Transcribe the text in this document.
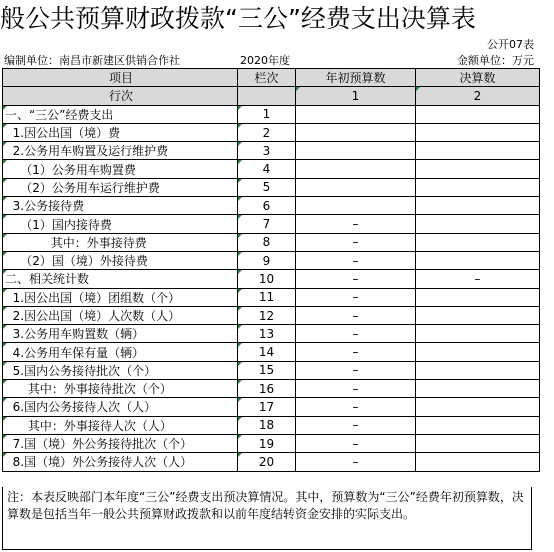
般公共预算财政拨款“三公”经费支出决算表
公开07表
编制单位：南昌市新建区供销合作社	2020年度	金额单位：万元
项目	栏次	年初预算数	决算数
行次		1	2
一、“三公”经费支出	1		
1.因公出国（境）费	2		
2.公务用车购置及运行维护费	3		
（1）公务用车购置费	4		
（2）公务用车运行维护费	5		
3.公务接待费	6		
（1）国内接待费	7	–	
其中：外事接待费	8	–	
（2）国（境）外接待费	9	–	
二、相关统计数	10	–	–
1.因公出国（境）团组数（个）	11	–	
2.因公出国（境）人次数（人）	12	–	
3.公务用车购置数（辆）	13	–	
4.公务用车保有量（辆）	14	–	
5.国内公务接待批次（个）	15	–	
其中：外事接待批次（个）	16	–	
6.国内公务接待人次（人）	17	–	
其中：外事接待人次（人）	18	–	
7.国（境）外公务接待批次（个）	19	–	
8.国（境）外公务接待人次（人）	20	–	
注：本表反映部门本年度“三公”经费支出预决算情况。其中，预算数为“三公”经费年初预算数，决算数是包括当年一般公共预算财政拨款和以前年度结转资金安排的实际支出。
